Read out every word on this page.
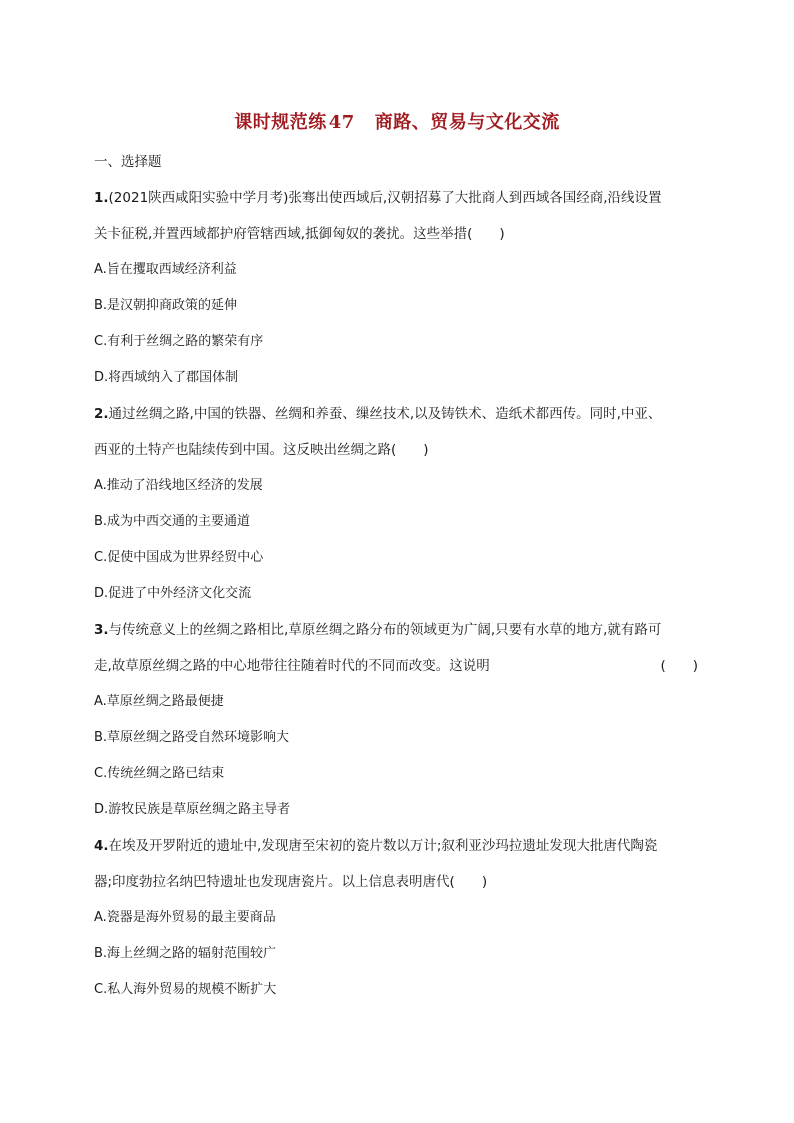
课时规范练 47 商路、贸易与文化交流
一、选择题
1.(2021陕西咸阳实验中学月考)张骞出使西域后,汉朝招募了大批商人到西域各国经商,沿线设置
关卡征税,并置西域都护府管辖西域,抵御匈奴的袭扰。这些举措(　　)
A.旨在攫取西域经济利益
B.是汉朝抑商政策的延伸
C.有利于丝绸之路的繁荣有序
D.将西域纳入了郡国体制
2.通过丝绸之路,中国的铁器、丝绸和养蚕、缫丝技术,以及铸铁术、造纸术都西传。同时,中亚、
西亚的土特产也陆续传到中国。这反映出丝绸之路(　　)
A.推动了沿线地区经济的发展
B.成为中西交通的主要通道
C.促使中国成为世界经贸中心
D.促进了中外经济文化交流
3.与传统意义上的丝绸之路相比,草原丝绸之路分布的领域更为广阔,只要有水草的地方,就有路可
走,故草原丝绸之路的中心地带往往随着时代的不同而改变。这说明	(　　)
A.草原丝绸之路最便捷
B.草原丝绸之路受自然环境影响大
C.传统丝绸之路已结束
D.游牧民族是草原丝绸之路主导者
4.在埃及开罗附近的遗址中,发现唐至宋初的瓷片数以万计;叙利亚沙玛拉遗址发现大批唐代陶瓷
器;印度勃拉名纳巴特遗址也发现唐瓷片。以上信息表明唐代(　　)
A.瓷器是海外贸易的最主要商品
B.海上丝绸之路的辐射范围较广
C.私人海外贸易的规模不断扩大
